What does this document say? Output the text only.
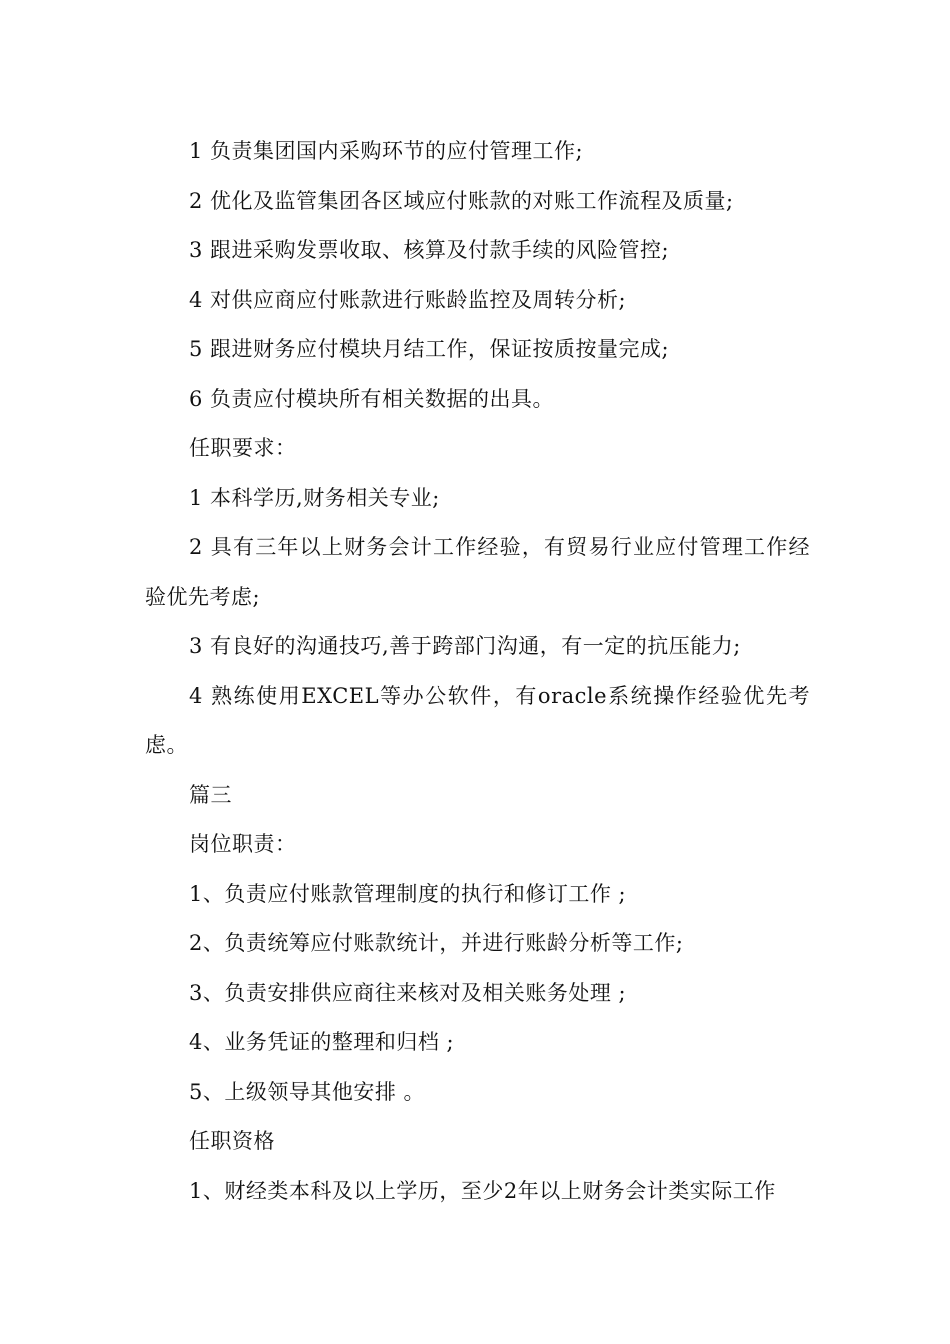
1 负责集团国内采购环节的应付管理工作;

2 优化及监管集团各区域应付账款的对账工作流程及质量;

3 跟进采购发票收取、核算及付款手续的风险管控;

4 对供应商应付账款进行账龄监控及周转分析;

5 跟进财务应付模块月结工作，保证按质按量完成;

6 负责应付模块所有相关数据的出具。

任职要求：

1 本科学历,财务相关专业;

2 具有三年以上财务会计工作经验，有贸易行业应付管理工作经验优先考虑;

3 有良好的沟通技巧,善于跨部门沟通，有一定的抗压能力;

4 熟练使用EXCEL等办公软件，有oracle系统操作经验优先考虑。

篇三

岗位职责：

1、负责应付账款管理制度的执行和修订工作 ;

2、负责统筹应付账款统计，并进行账龄分析等工作;

3、负责安排供应商往来核对及相关账务处理 ;

4、业务凭证的整理和归档 ;

5、上级领导其他安排 。

任职资格

1、财经类本科及以上学历，至少2年以上财务会计类实际工作
